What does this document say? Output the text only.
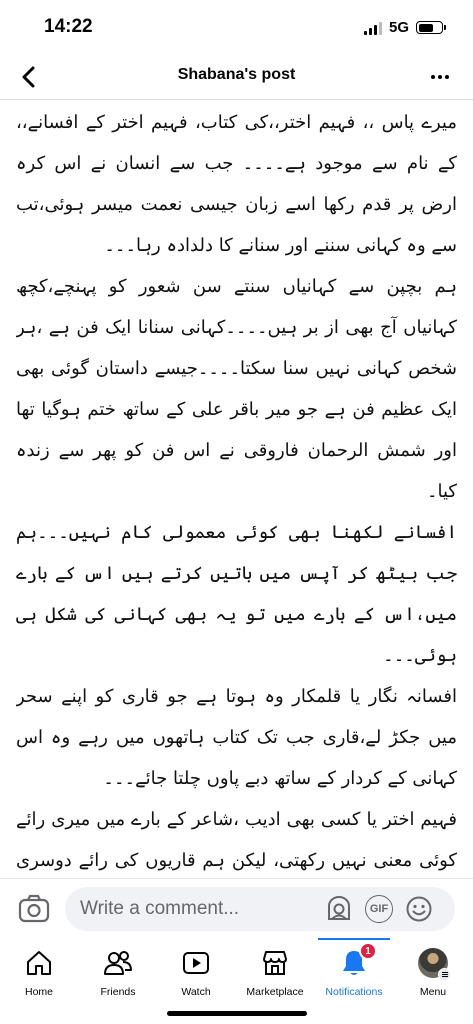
14:22	5G
Shabana's post

میرے پاس ،، فہیم اختر،،کی کتاب، فہیم اختر کے افسانے،، کے نام سے موجود ہے۔۔۔۔ جب سے انسان نے اس کرہ ارض پر قدم رکھا اسے زبان جیسی نعمت میسر ہوئی،تب سے وہ کہانی سننے اور سنانے کا دلدادہ رہا۔۔۔

ہم بچپن سے کہانیاں سنتے سن شعور کو پہنچے،کچھ کہانیاں آج بھی از بر ہیں۔۔۔۔کہانی سنانا ایک فن ہے ،ہر شخص کہانی نہیں سنا سکتا۔۔۔۔جیسے داستان گوئی بھی ایک عظیم فن ہے جو میر باقر علی کے ساتھ ختم ہوگیا تھا اور شمش الرحمان فاروقی نے اس فن کو پھر سے زندہ کیا۔

افسانے لکھنا بھی کوئی معمولی کام نہیں۔۔۔ہم جب بیٹھ کر آپس میں باتیں کرتے ہیں اس کے بارے میں،اس کے بارے میں تو یہ بھی کہانی کی شکل ہی ہوئی۔۔۔

افسانہ نگار یا قلمکار وہ ہوتا ہے جو قاری کو اپنے سحر میں جکڑ لے،قاری جب تک کتاب ہاتھوں میں رہے وہ اس کہانی کے کردار کے ساتھ دبے پاوں چلتا جائے۔۔۔

فہیم اختر یا کسی بھی ادیب ،شاعر کے بارے میں میری رائے کوئی معنی نہیں رکھتی، لیکن ہم قاریوں کی رائے دوسری

Write a comment...	GIF
Home	Friends	Watch	Marketplace
1
Notifications	Menu
